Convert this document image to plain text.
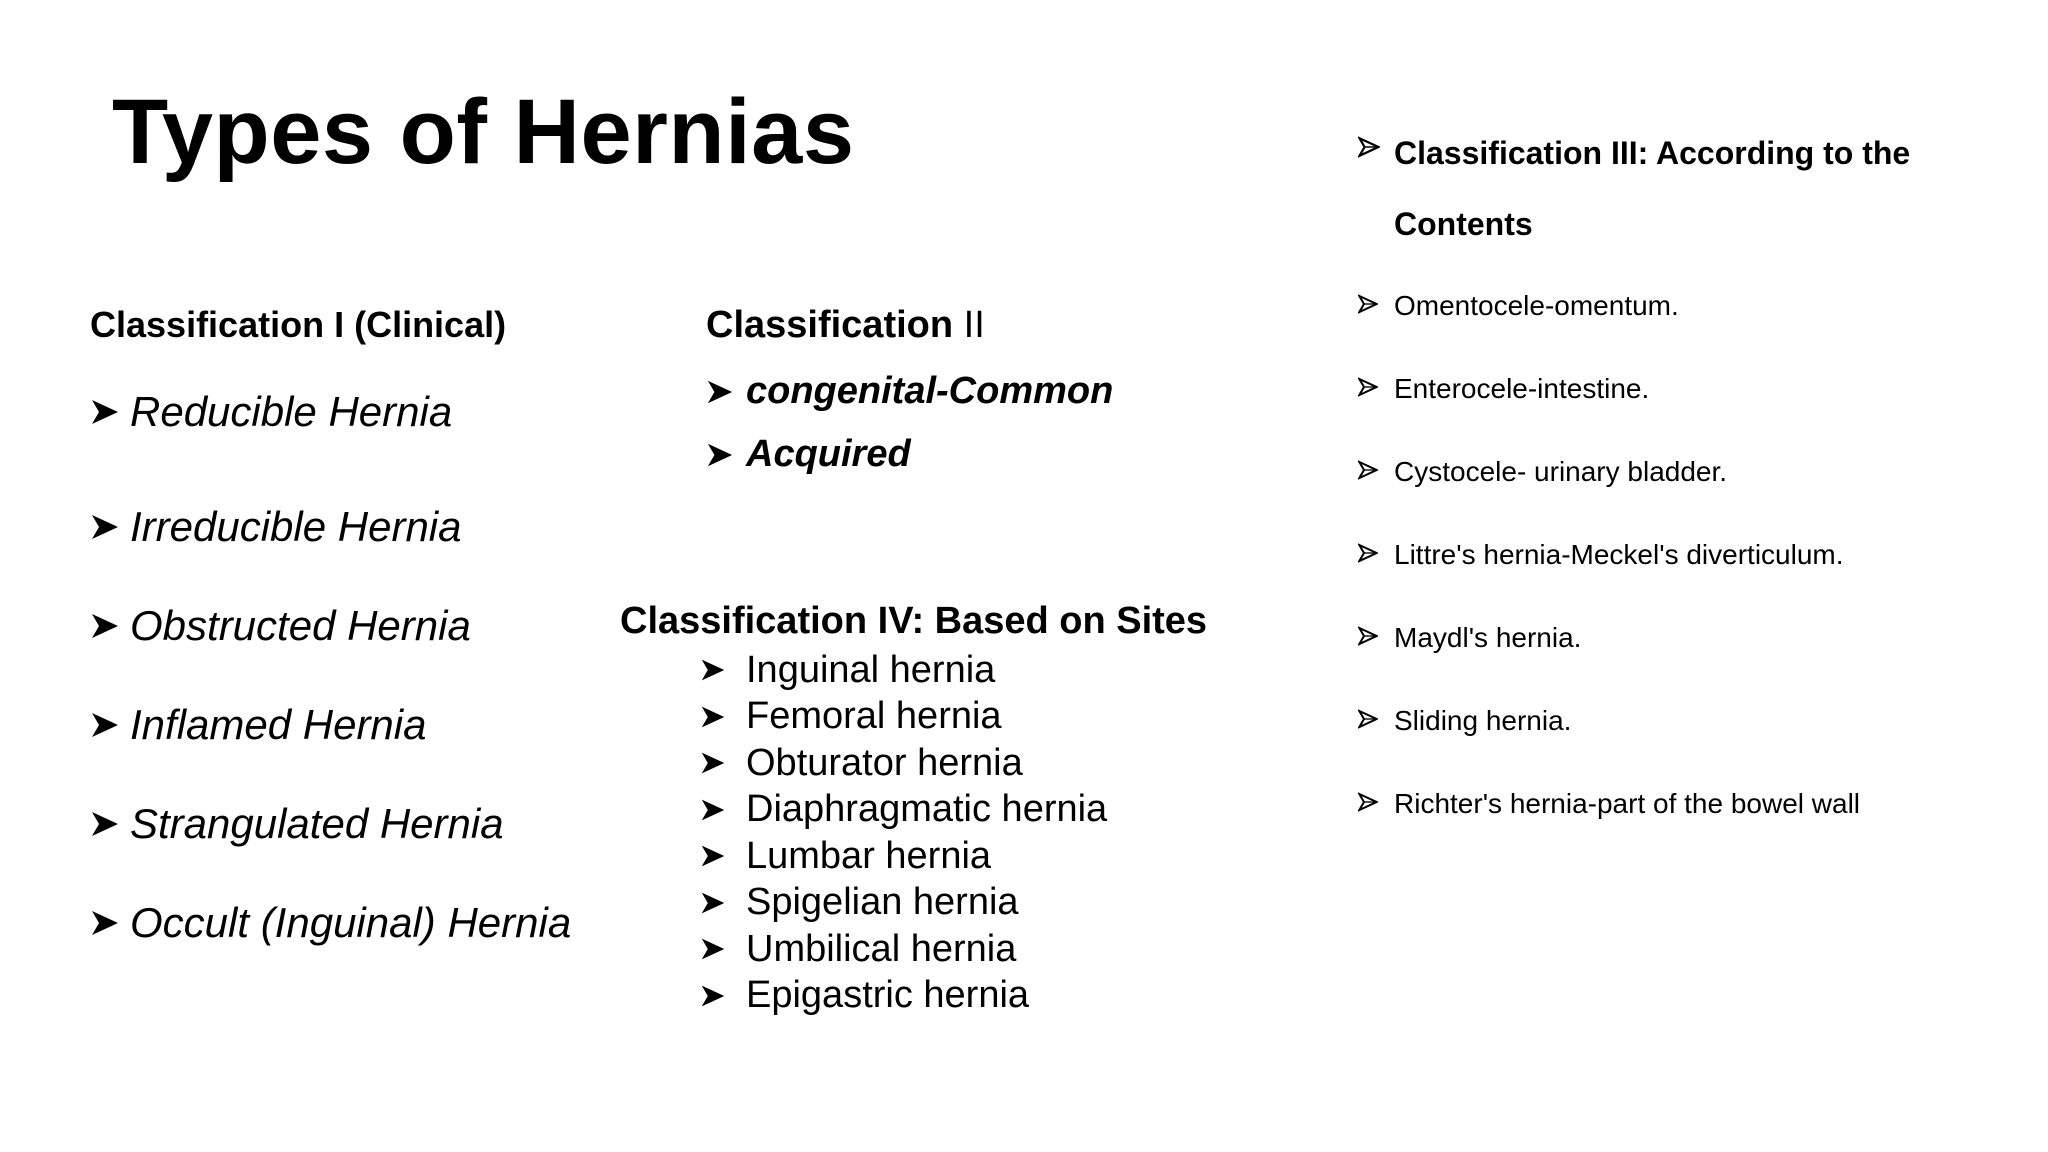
Types of Hernias
Classification I (Clinical)
Reducible Hernia
Irreducible Hernia
Obstructed Hernia
Inflamed Hernia
Strangulated Hernia
Occult (Inguinal) Hernia
Classification II
congenital-Common
Acquired
Classification IV: Based on Sites
Inguinal hernia
Femoral hernia
Obturator hernia
Diaphragmatic hernia
Lumbar hernia
Spigelian hernia
Umbilical hernia
Epigastric hernia
Classification III: According to the Contents
Omentocele-omentum.
Enterocele-intestine.
Cystocele- urinary bladder.
Littre's hernia-Meckel's diverticulum.
Maydl's hernia.
Sliding hernia.
Richter's hernia-part of the bowel wall
